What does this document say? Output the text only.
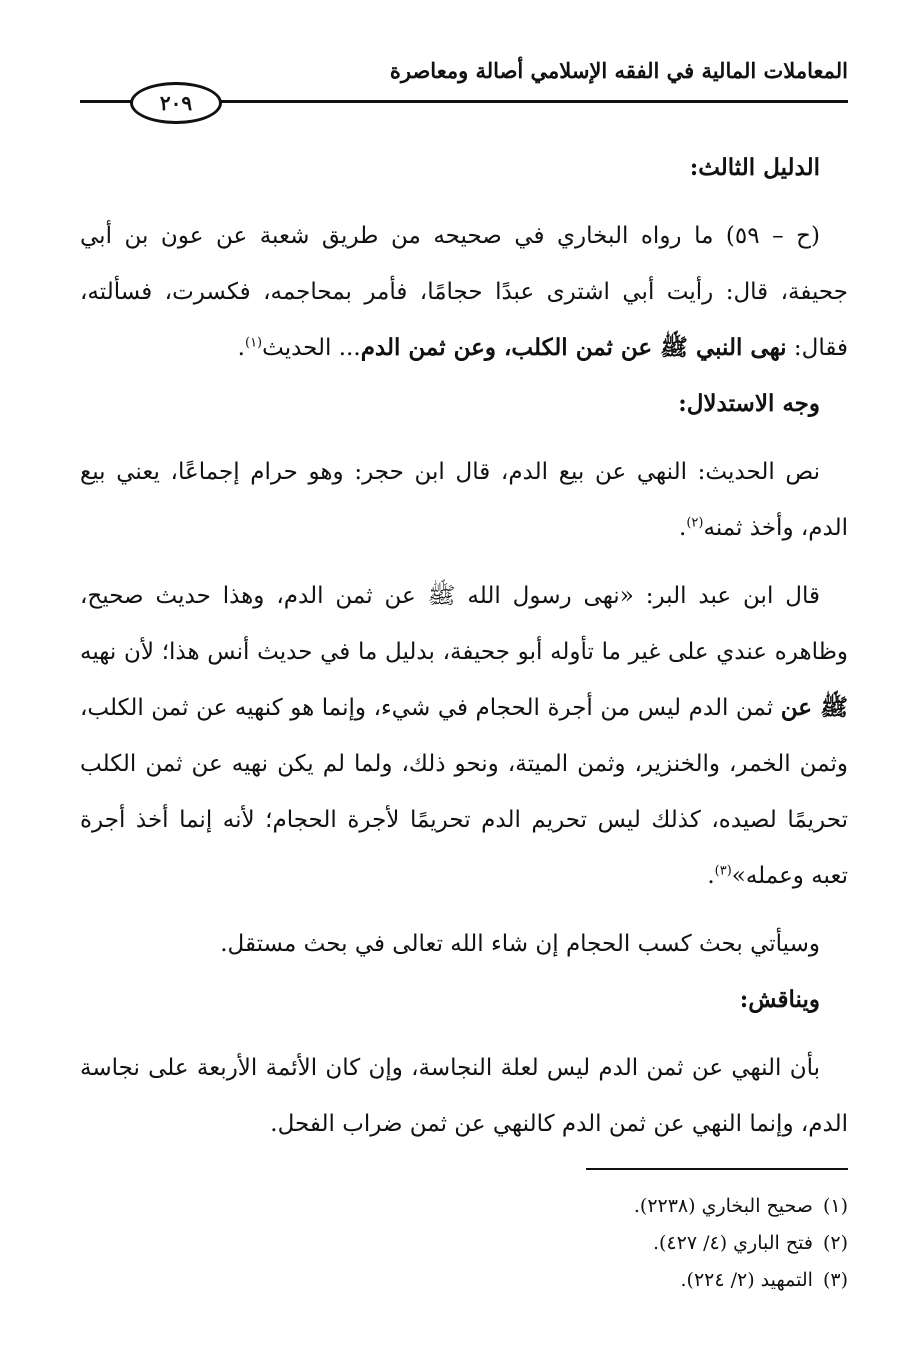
المعاملات المالية في الفقه الإسلامي أصالة ومعاصرة
٢٠٩
الدليل الثالث:

(ح – ٥٩) ما رواه البخاري في صحيحه من طريق شعبة عن عون بن أبي جحيفة، قال: رأيت أبي اشترى عبدًا حجامًا، فأمر بمحاجمه، فكسرت، فسألته، فقال: نهى النبي ﷺ عن ثمن الكلب، وعن ثمن الدم... الحديث$^{(١)}$.

وجه الاستدلال:

نص الحديث: النهي عن بيع الدم، قال ابن حجر: وهو حرام إجماعًا، يعني بيع الدم، وأخذ ثمنه$^{(٢)}$.

قال ابن عبد البر: «نهى رسول الله ﷺ عن ثمن الدم، وهذا حديث صحيح، وظاهره عندي على غير ما تأوله أبو جحيفة، بدليل ما في حديث أنس هذا؛ لأن نهيه ﷺ عن ثمن الدم ليس من أجرة الحجام في شيء، وإنما هو كنهيه عن ثمن الكلب، وثمن الخمر، والخنزير، وثمن الميتة، ونحو ذلك، ولما لم يكن نهيه عن ثمن الكلب تحريمًا لصيده، كذلك ليس تحريم الدم تحريمًا لأجرة الحجام؛ لأنه إنما أخذ أجرة تعبه وعمله»$^{(٣)}$.

وسيأتي بحث كسب الحجام إن شاء الله تعالى في بحث مستقل.

ويناقش:

بأن النهي عن ثمن الدم ليس لعلة النجاسة، وإن كان الأئمة الأربعة على نجاسة الدم، وإنما النهي عن ثمن الدم كالنهي عن ثمن ضراب الفحل.

(١)صحيح البخاري (٢٢٣٨).
(٢)فتح الباري (٤/ ٤٢٧).
(٣)التمهيد (٢/ ٢٢٤).
